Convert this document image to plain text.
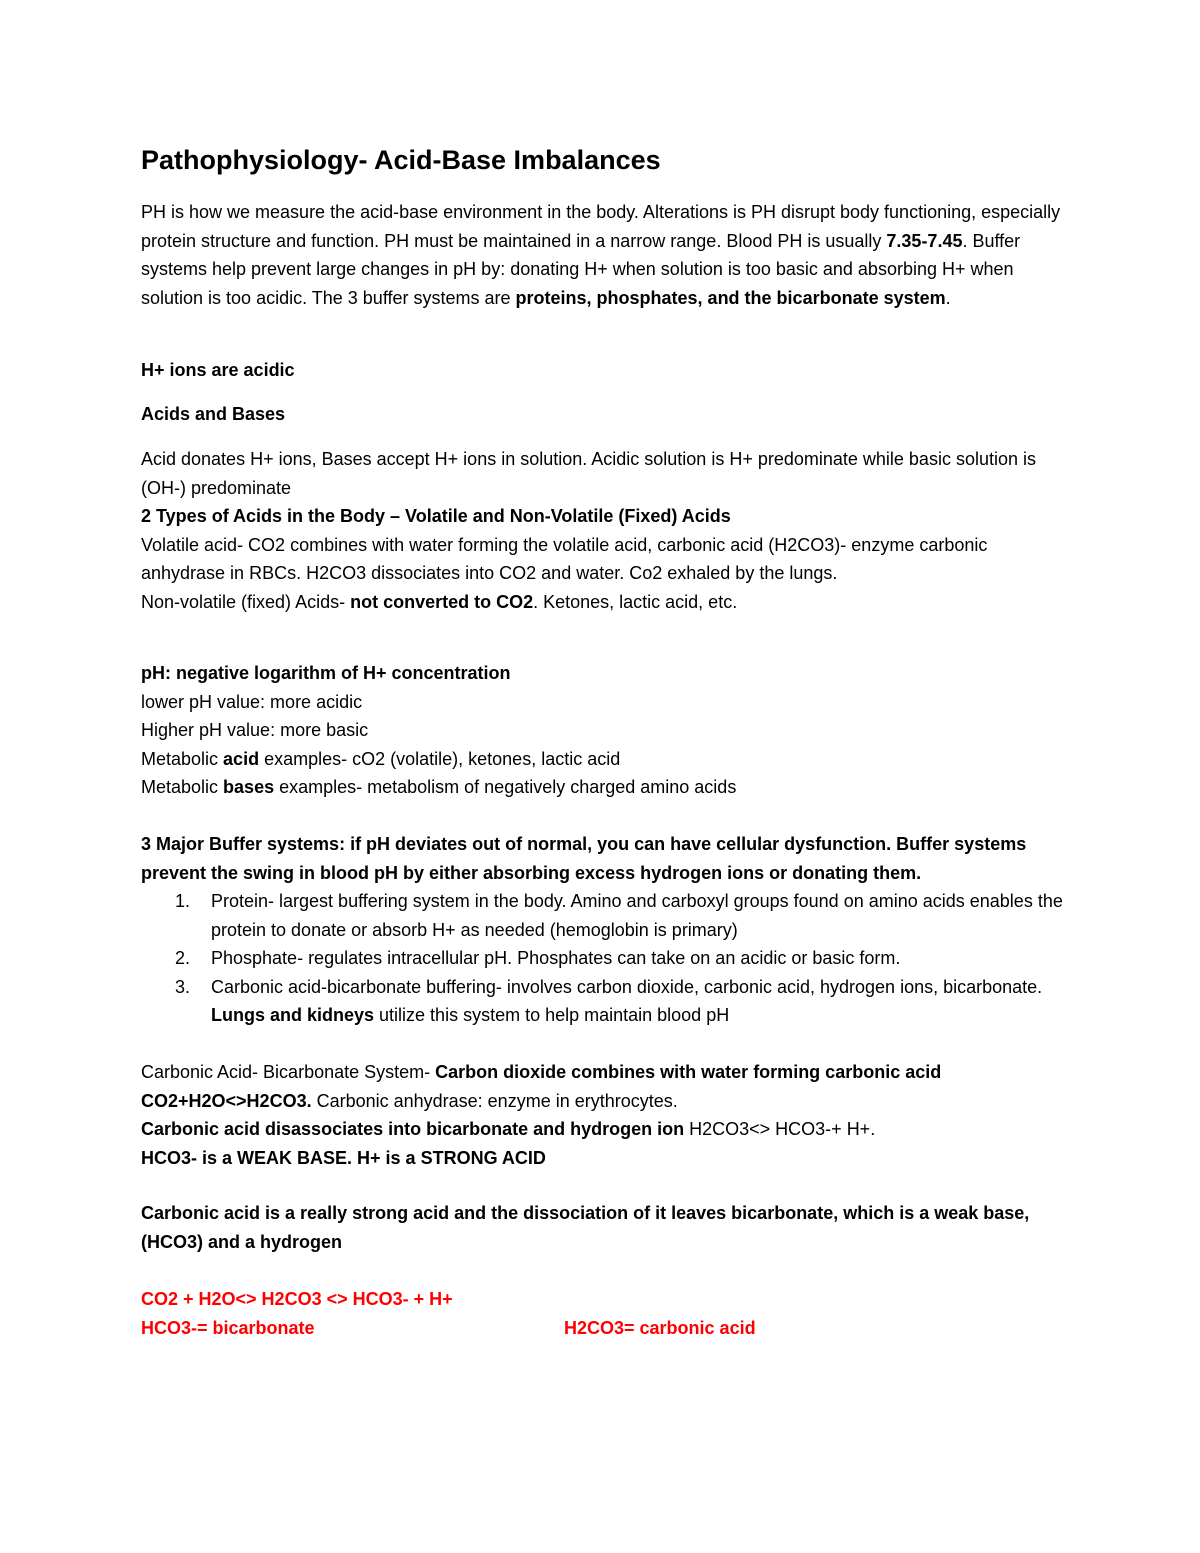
Pathophysiology- Acid-Base Imbalances

PH is how we measure the acid-base environment in the body. Alterations is PH disrupt body functioning, especially protein structure and function. PH must be maintained in a narrow range. Blood PH is usually 7.35-7.45. Buffer systems help prevent large changes in pH by: donating H+ when solution is too basic and absorbing H+ when solution is too acidic. The 3 buffer systems are proteins, phosphates, and the bicarbonate system.

H+ ions are acidic
Acids and Bases

Acid donates H+ ions, Bases accept H+ ions in solution. Acidic solution is H+ predominate while basic solution is (OH-) predominate

2 Types of Acids in the Body – Volatile and Non-Volatile (Fixed) Acids

Volatile acid- CO2 combines with water forming the volatile acid, carbonic acid (H2CO3)- enzyme carbonic anhydrase in RBCs. H2CO3 dissociates into CO2 and water. Co2 exhaled by the lungs.

Non-volatile (fixed) Acids- not converted to CO2. Ketones, lactic acid, etc.

pH: negative logarithm of H+ concentration

lower pH value: more acidic

Higher pH value: more basic

Metabolic acid examples- cO2 (volatile), ketones, lactic acid

Metabolic bases examples- metabolism of negatively charged amino acids

3 Major Buffer systems: if pH deviates out of normal, you can have cellular dysfunction. Buffer systems prevent the swing in blood pH by either absorbing excess hydrogen ions or donating them.

1. Protein- largest buffering system in the body. Amino and carboxyl groups found on amino acids enables the protein to donate or absorb H+ as needed (hemoglobin is primary)
2. Phosphate- regulates intracellular pH. Phosphates can take on an acidic or basic form.
3. Carbonic acid-bicarbonate buffering- involves carbon dioxide, carbonic acid, hydrogen ions, bicarbonate. Lungs and kidneys utilize this system to help maintain blood pH

Carbonic Acid- Bicarbonate System- Carbon dioxide combines with water forming carbonic acid CO2+H2O<>H2CO3. Carbonic anhydrase: enzyme in erythrocytes.

Carbonic acid disassociates into bicarbonate and hydrogen ion H2CO3<> HCO3-+ H+.

HCO3- is a WEAK BASE. H+ is a STRONG ACID

Carbonic acid is a really strong acid and the dissociation of it leaves bicarbonate, which is a weak base, (HCO3) and a hydrogen

CO2 + H2O<> H2CO3 <> HCO3- + H+

HCO3-= bicarbonate	H2CO3= carbonic acid
